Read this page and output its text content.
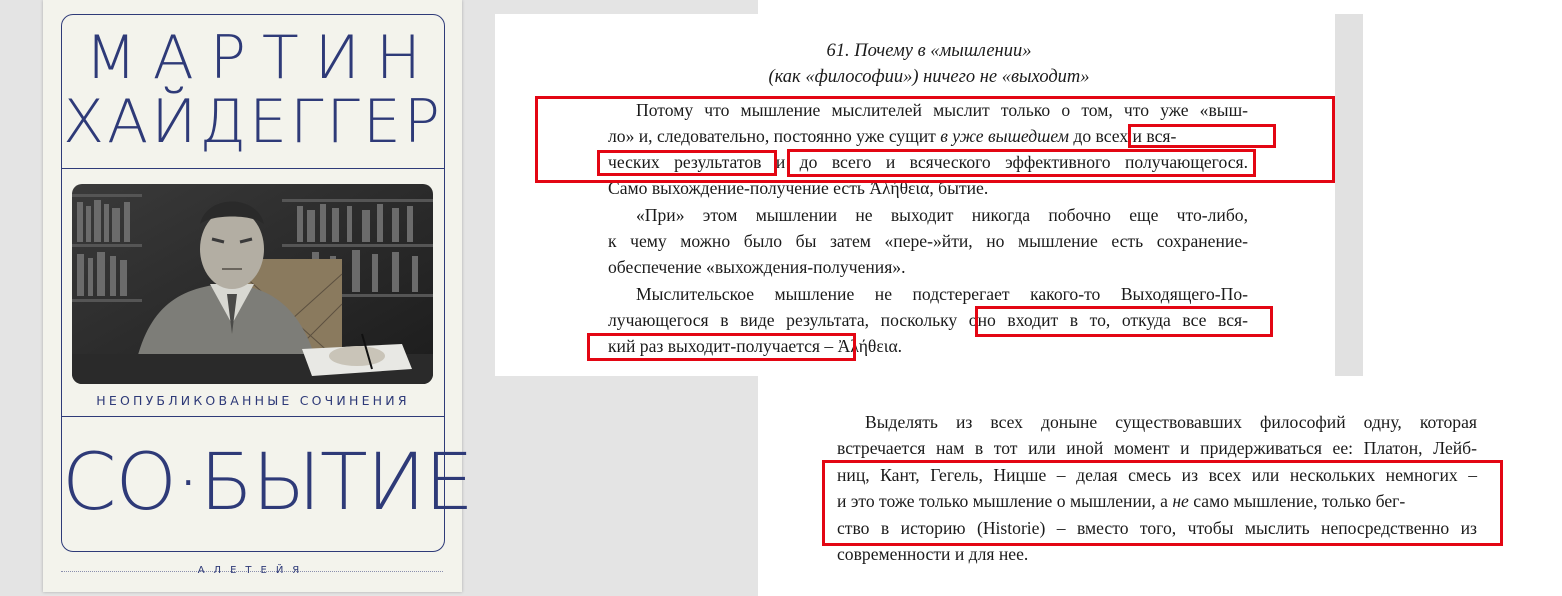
МАРТИН
ХАЙДЕГГЕР
НЕОПУБЛИКОВАННЫЕ СОЧИНЕНИЯ
СО·БЫТИЕ
АЛЕТЕЙЯ
61. Почему в «мышлении»
(как «философии») ничего не «выходит»

Потому что мышление мыслителей мыслит только о том, что уже «выш-

ло» и, следовательно, постоянно уже сущит в уже вышедшем до всех и вся-

ческих результатов и до всего и всяческого эффективного получающегося.

Само выхождение-получение есть Ἀλήθεια, бытие.

«При» этом мышлении не выходит никогда побочно еще что-либо,

к чему можно было бы затем «пере-»йти, но мышление есть сохранение-

обеспечение «выхождения-получения».

Мыслительское мышление не подстерегает какого-то Выходящего-По-

лучающегося в виде результата, поскольку оно входит в то, откуда все вся-

кий раз выходит-получается – Ἀλήθεια.

Выделять из всех доныне существовавших философий одну, которая

встречается нам в тот или иной момент и придерживаться ее: Платон, Лейб-

ниц, Кант, Гегель, Ницше – делая смесь из всех или нескольких немногих –

и это тоже только мышление о мышлении, а не само мышление, только бег-

ство в историю (Historie) – вместо того, чтобы мыслить непосредственно из

современности и для нее.
